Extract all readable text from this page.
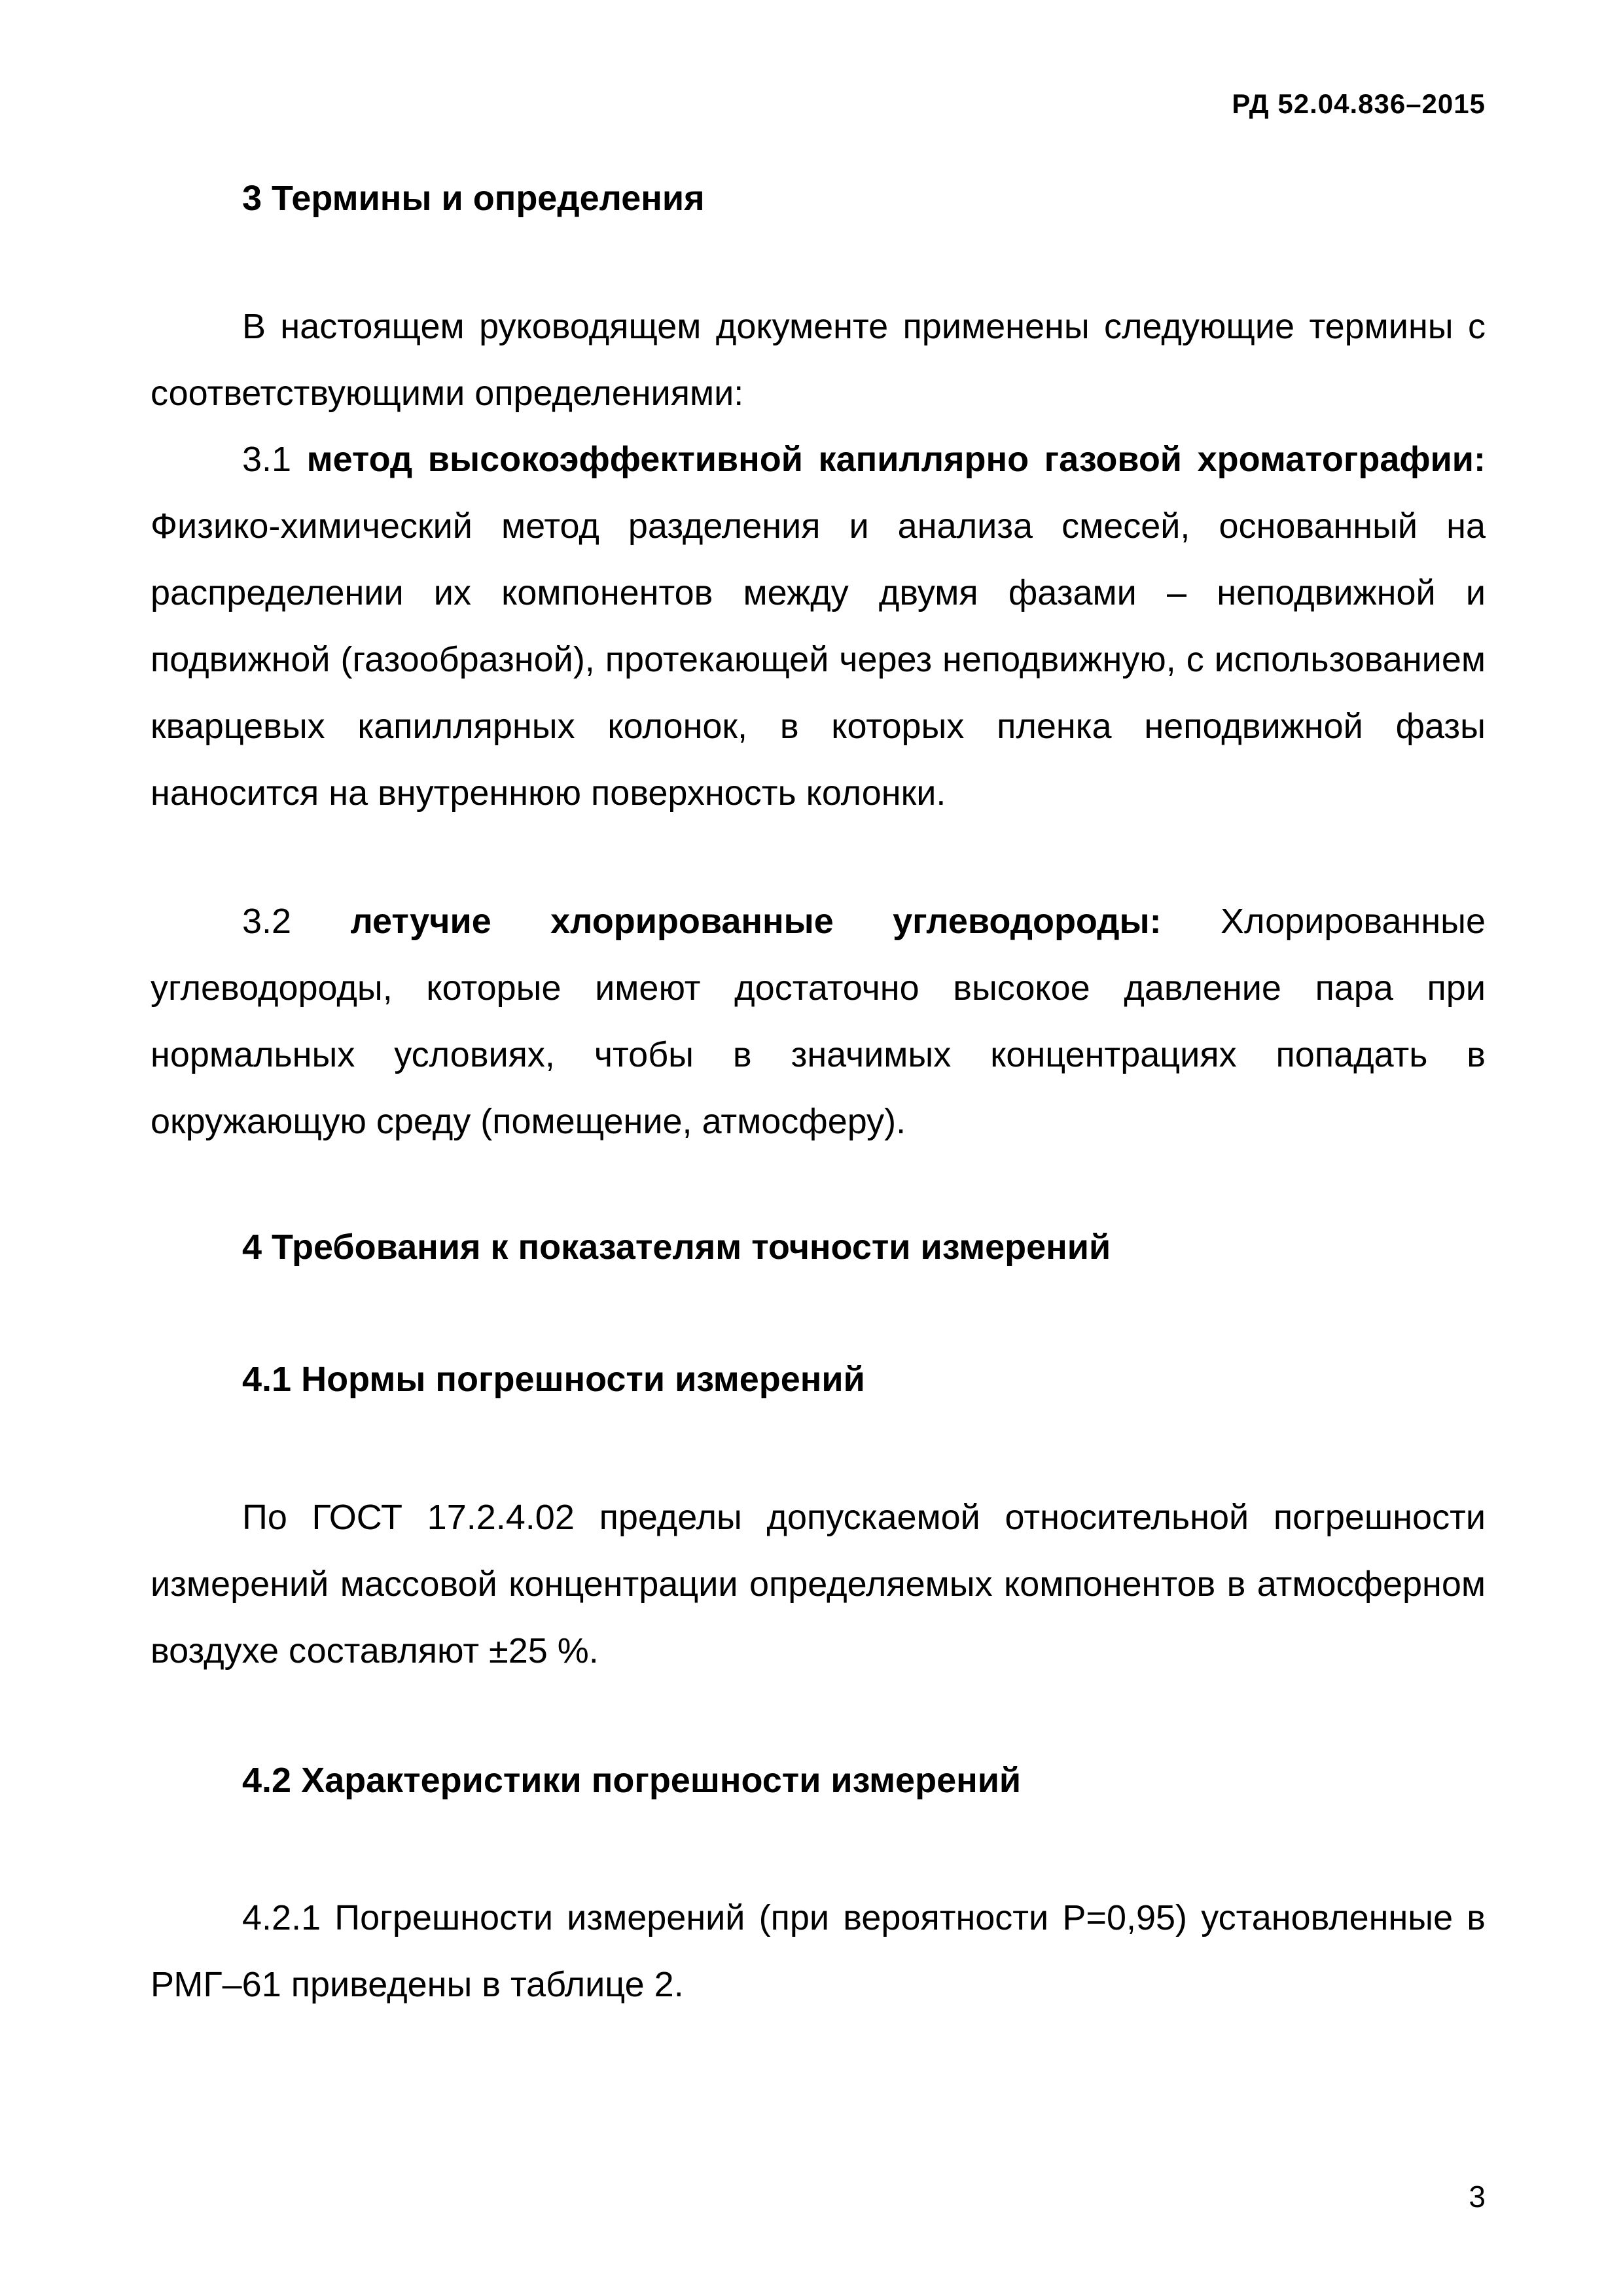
РД 52.04.836–2015
3 Термины и определения
В настоящем руководящем документе применены следующие термины с соответствующими определениями:
3.1 метод высокоэффективной капиллярно газовой хроматографии: Физико-химический метод разделения и анализа смесей, основанный на распределении их компонентов между двумя фазами – неподвижной и подвижной (газообразной), протекающей через неподвижную, с использованием кварцевых капиллярных колонок, в которых пленка неподвижной фазы наносится на внутреннюю поверхность колонки.
3.2 летучие хлорированные углеводороды: Хлорированные углеводороды, которые имеют достаточно высокое давление пара при нормальных условиях, чтобы в значимых концентрациях попадать в окружающую среду (помещение, атмосферу).
4 Требования к показателям точности измерений
4.1 Нормы погрешности измерений
По ГОСТ 17.2.4.02 пределы допускаемой относительной погрешности измерений массовой концентрации определяемых компонентов в атмосферном воздухе составляют ±25 %.
4.2 Характеристики погрешности измерений
4.2.1 Погрешности измерений (при вероятности Р=0,95) установленные в РМГ–61 приведены в таблице 2.
3
